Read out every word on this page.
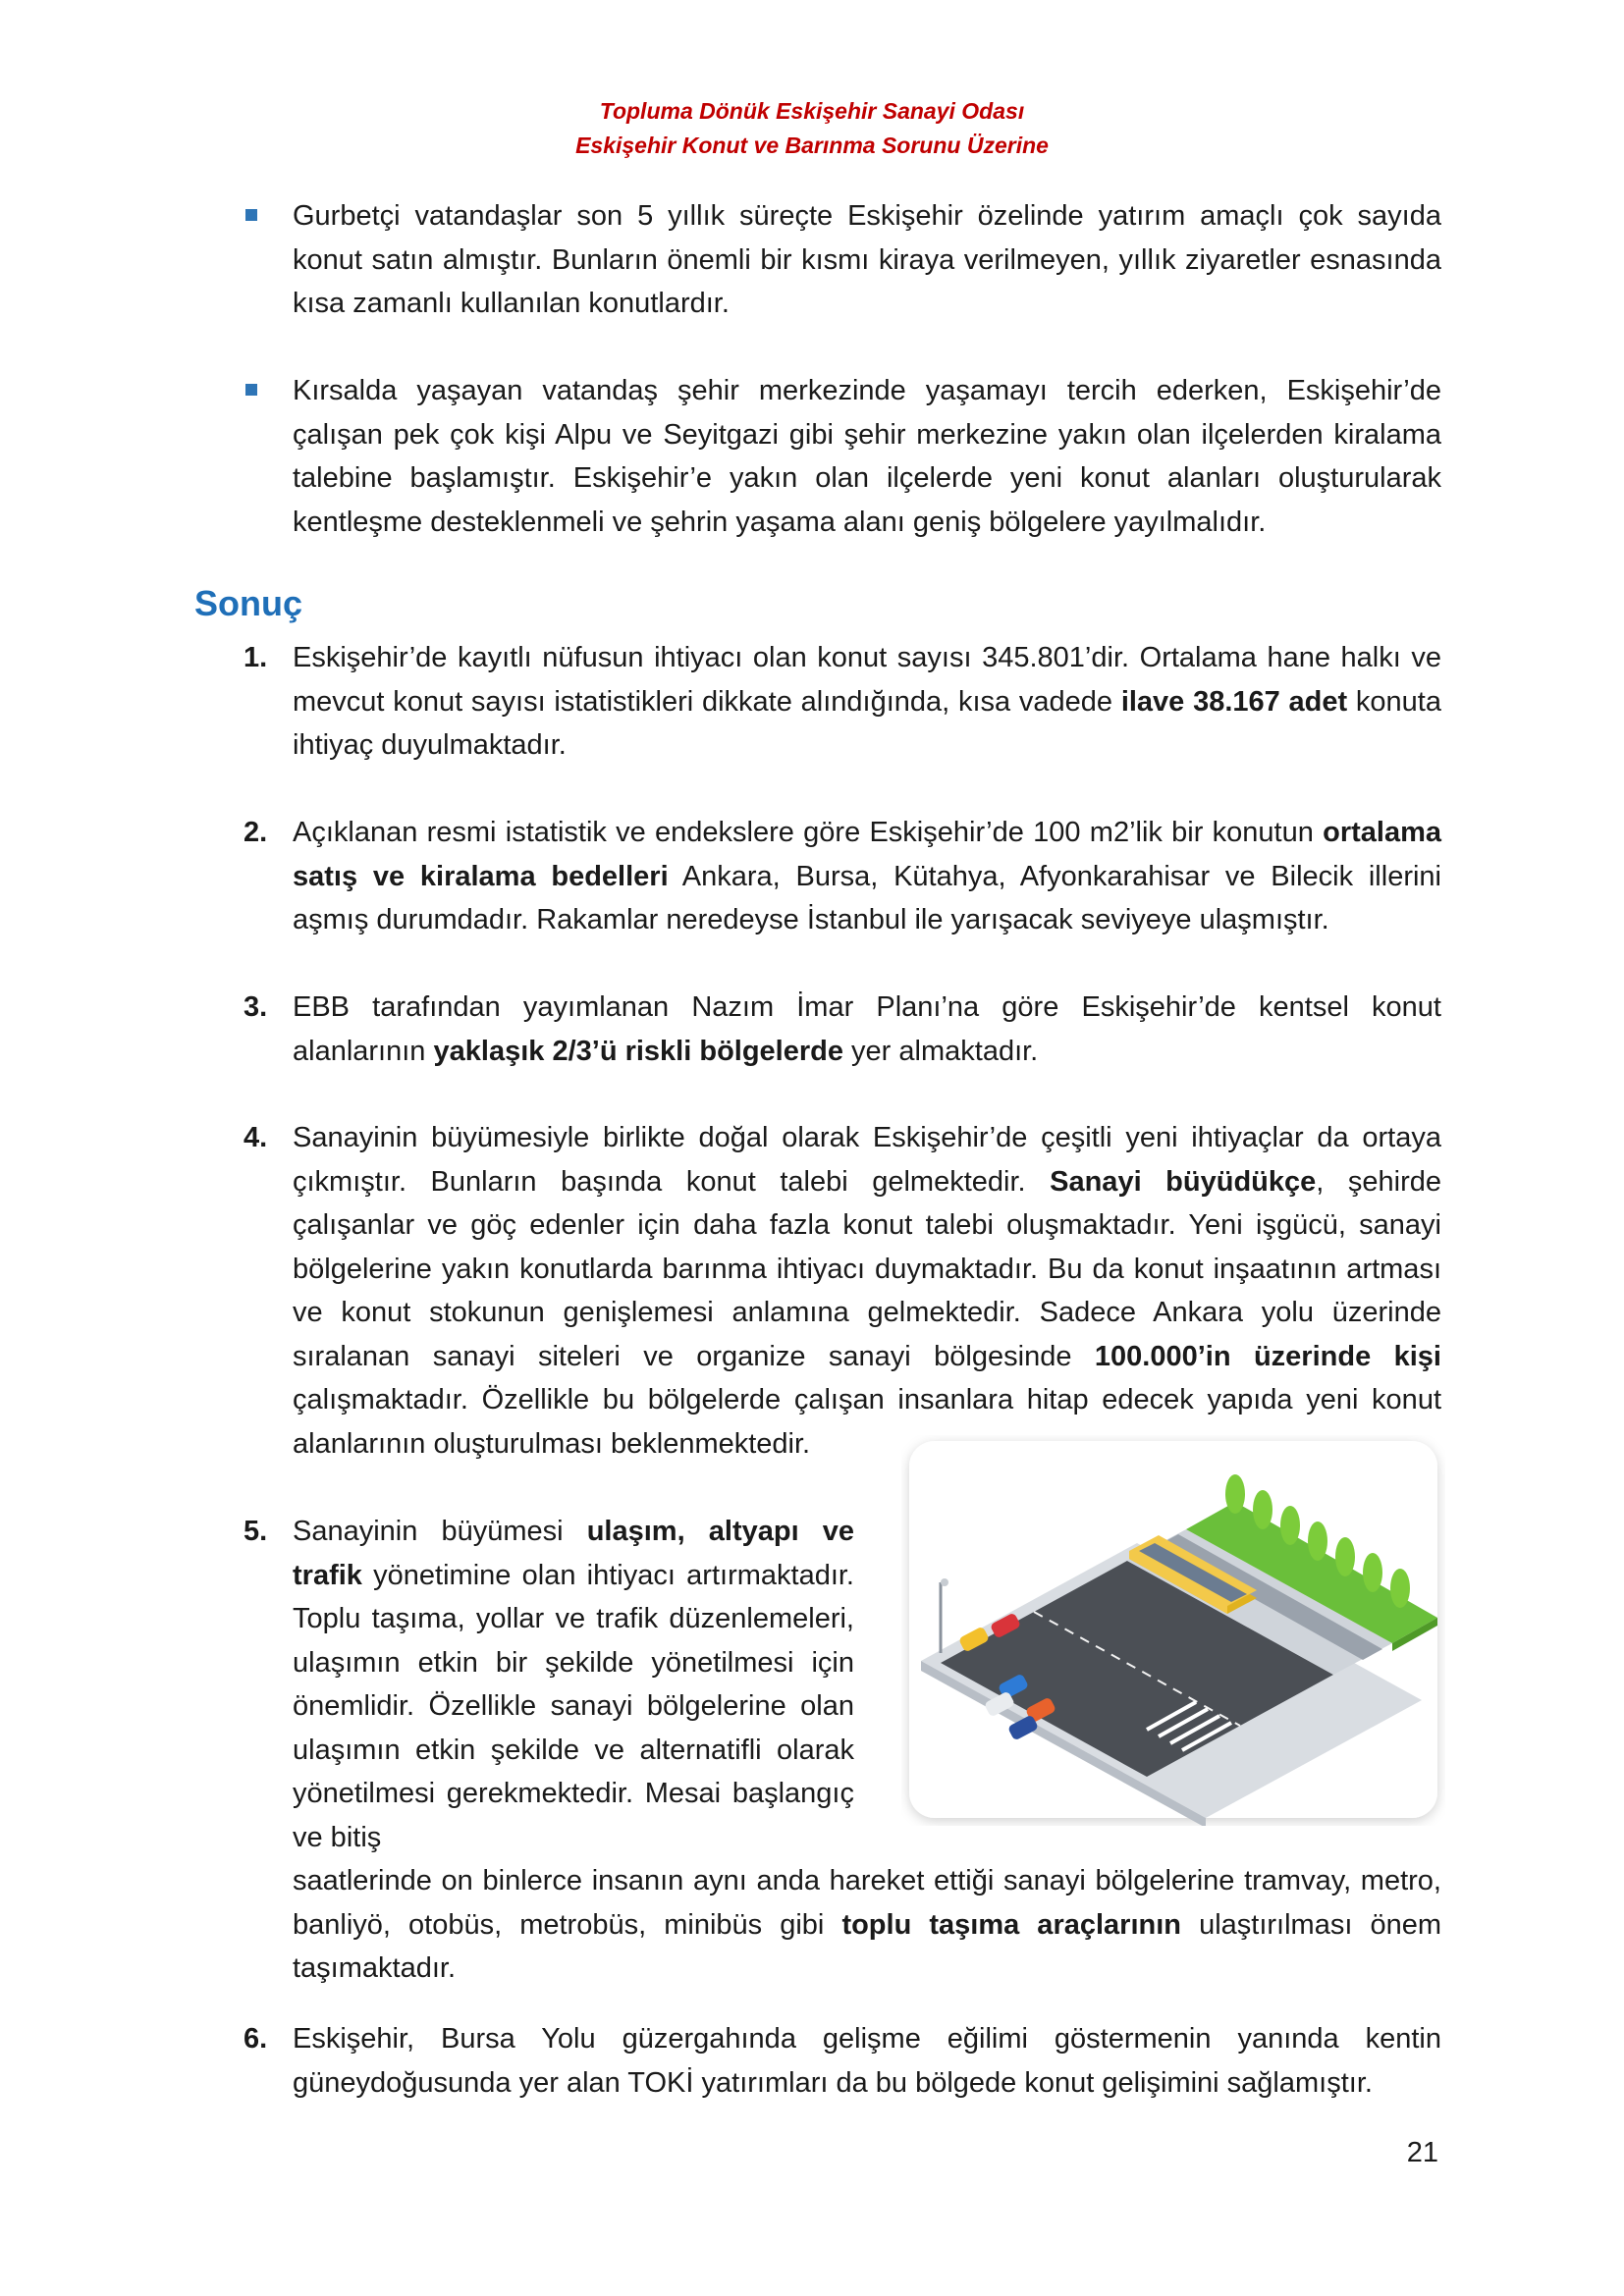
Topluma Dönük Eskişehir Sanayi Odası
Eskişehir Konut ve Barınma Sorunu Üzerine
Gurbetçi vatandaşlar son 5 yıllık süreçte Eskişehir özelinde yatırım amaçlı çok sayıda konut satın almıştır. Bunların önemli bir kısmı kiraya verilmeyen, yıllık ziyaretler esnasında kısa zamanlı kullanılan konutlardır.
Kırsalda yaşayan vatandaş şehir merkezinde yaşamayı tercih ederken, Eskişehir’de çalışan pek çok kişi Alpu ve Seyitgazi gibi şehir merkezine yakın olan ilçelerden kiralama talebine başlamıştır. Eskişehir’e yakın olan ilçelerde yeni konut alanları oluşturularak kentleşme desteklenmeli ve şehrin yaşama alanı geniş bölgelere yayılmalıdır.
Sonuç
1. Eskişehir’de kayıtlı nüfusun ihtiyacı olan konut sayısı 345.801’dir. Ortalama hane halkı ve mevcut konut sayısı istatistikleri dikkate alındığında, kısa vadede ilave 38.167 adet konuta ihtiyaç duyulmaktadır.
2. Açıklanan resmi istatistik ve endekslere göre Eskişehir’de 100 m2’lik bir konutun ortalama satış ve kiralama bedelleri Ankara, Bursa, Kütahya, Afyonkarahisar ve Bilecik illerini aşmış durumdadır. Rakamlar neredeyse İstanbul ile yarışacak seviyeye ulaşmıştır.
3. EBB tarafından yayımlanan Nazım İmar Planı’na göre Eskişehir’de kentsel konut alanlarının yaklaşık 2/3’ü riskli bölgelerde yer almaktadır.
4. Sanayinin büyümesiyle birlikte doğal olarak Eskişehir’de çeşitli yeni ihtiyaçlar da ortaya çıkmıştır. Bunların başında konut talebi gelmektedir. Sanayi büyüdükçe, şehirde çalışanlar ve göç edenler için daha fazla konut talebi oluşmaktadır. Yeni işgücü, sanayi bölgelerine yakın konutlarda barınma ihtiyacı duymaktadır. Bu da konut inşaatının artması ve konut stokunun genişlemesi anlamına gelmektedir. Sadece Ankara yolu üzerinde sıralanan sanayi siteleri ve organize sanayi bölgesinde 100.000’in üzerinde kişi çalışmaktadır. Özellikle bu bölgelerde çalışan insanlara hitap edecek yapıda yeni konut alanlarının oluşturulması beklenmektedir.
5. Sanayinin büyümesi ulaşım, altyapı ve trafik yönetimine olan ihtiyacı artırmaktadır. Toplu taşıma, yollar ve trafik düzenlemeleri, ulaşımın etkin bir şekilde yönetilmesi için önemlidir. Özellikle sanayi bölgelerine olan ulaşımın etkin şekilde ve alternatifli olarak yönetilmesi gerekmektedir. Mesai başlangıç ve bitiş
saatlerinde on binlerce insanın aynı anda hareket ettiği sanayi bölgelerine tramvay, metro, banliyö, otobüs, metrobüs, minibüs gibi toplu taşıma araçlarının ulaştırılması önem taşımaktadır.
6. Eskişehir, Bursa Yolu güzergahında gelişme eğilimi göstermenin yanında kentin güneydoğusunda yer alan TOKİ yatırımları da bu bölgede konut gelişimini sağlamıştır.
21
